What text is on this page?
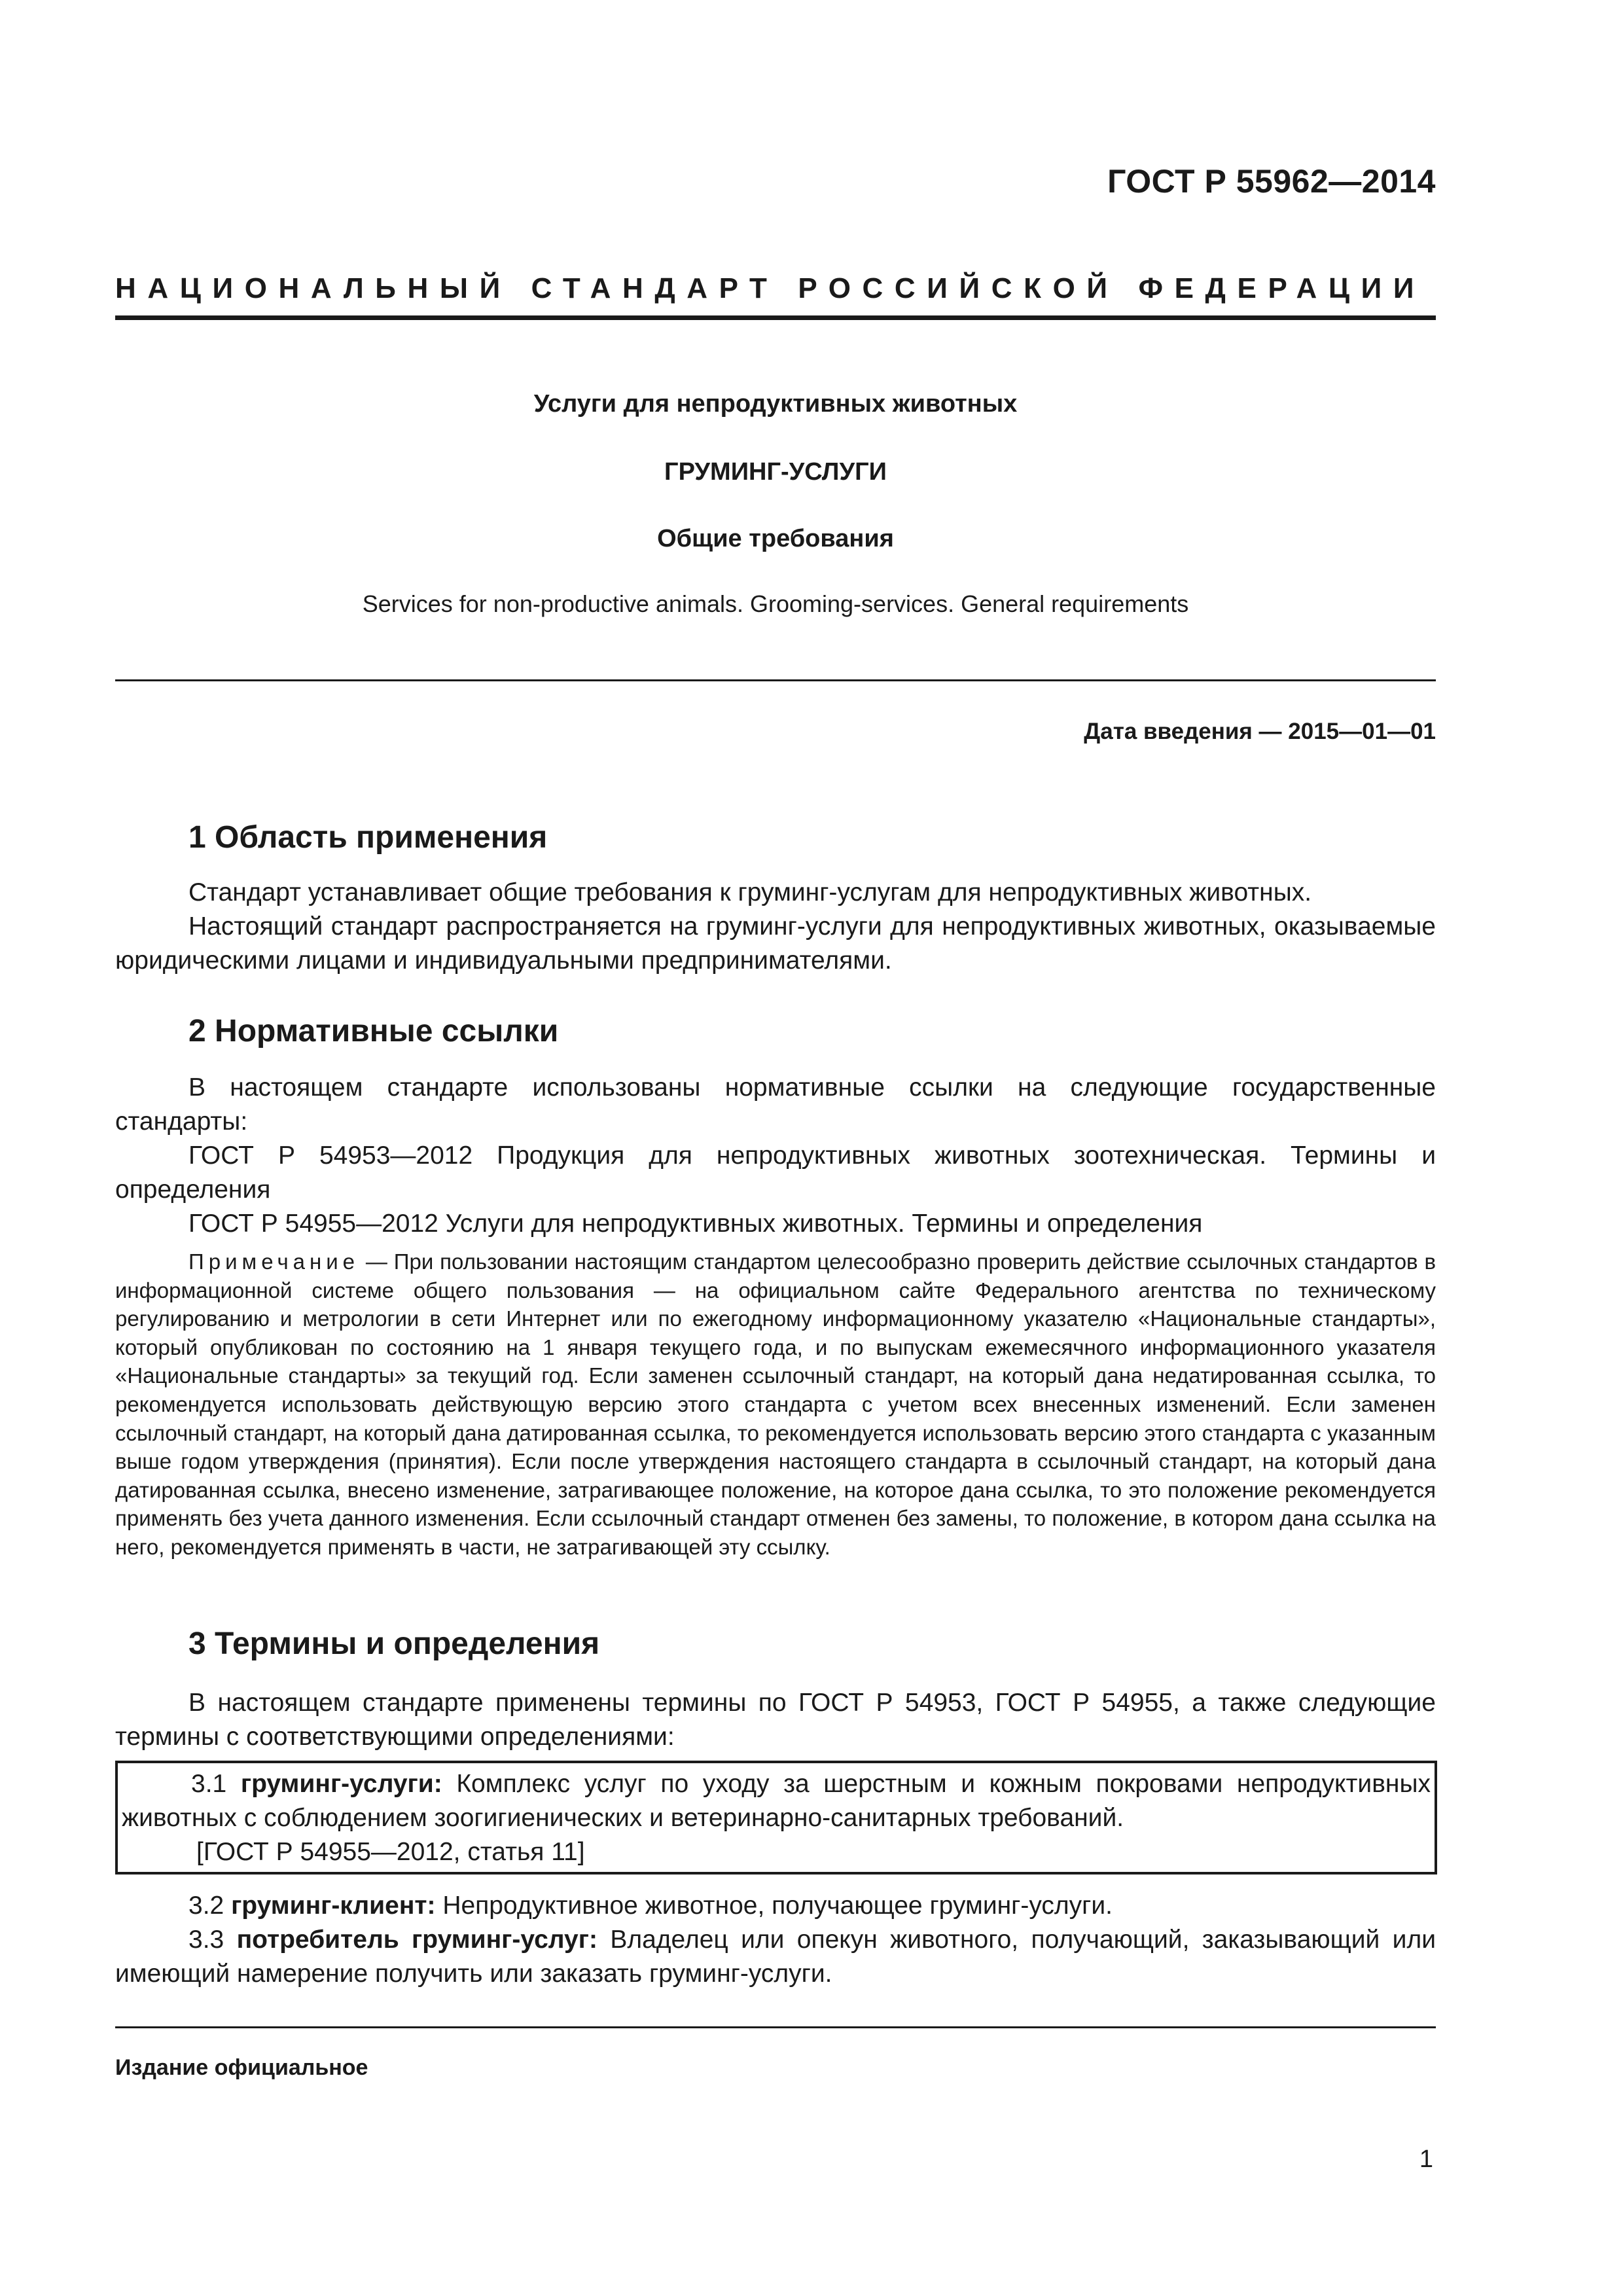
ГОСТ Р 55962—2014
НАЦИОНАЛЬНЫЙ СТАНДАРТ РОССИЙСКОЙ ФЕДЕРАЦИИ
Услуги для непродуктивных животных
ГРУМИНГ-УСЛУГИ
Общие требования
Services for non-productive animals. Grooming-services. General requirements
Дата введения — 2015—01—01
1 Область применения

Стандарт устанавливает общие требования к груминг-услугам для непродуктивных животных.

Настоящий стандарт распространяется на груминг-услуги для непродуктивных животных, оказываемые юридическими лицами и индивидуальными предпринимателями.

2 Нормативные ссылки

В настоящем стандарте использованы нормативные ссылки на следующие государственные стандарты:

ГОСТ Р 54953—2012 Продукция для непродуктивных животных зоотехническая. Термины и определения

ГОСТ Р 54955—2012 Услуги для непродуктивных животных. Термины и определения

Примечание — При пользовании настоящим стандартом целесообразно проверить действие ссылочных стандартов в информационной системе общего пользования — на официальном сайте Федерального агентства по техническому регулированию и метрологии в сети Интернет или по ежегодному информационному указателю «Национальные стандарты», который опубликован по состоянию на 1 января текущего года, и по выпускам ежемесячного информационного указателя «Национальные стандарты» за текущий год. Если заменен ссылочный стандарт, на который дана недатированная ссылка, то рекомендуется использовать действующую версию этого стандарта с учетом всех внесенных изменений. Если заменен ссылочный стандарт, на который дана датированная ссылка, то рекомендуется использовать версию этого стандарта с указанным выше годом утверждения (принятия). Если после утверждения настоящего стандарта в ссылочный стандарт, на который дана датированная ссылка, внесено изменение, затрагивающее положение, на которое дана ссылка, то это положение рекомендуется применять без учета данного изменения. Если ссылочный стандарт отменен без замены, то положение, в котором дана ссылка на него, рекомендуется применять в части, не затрагивающей эту ссылку.

3 Термины и определения

В настоящем стандарте применены термины по ГОСТ Р 54953, ГОСТ Р 54955, а также следующие термины с соответствующими определениями:

3.1 груминг-услуги: Комплекс услуг по уходу за шерстным и кожным покровами непродуктивных животных с соблюдением зоогигиенических и ветеринарно-санитарных требований.

[ГОСТ Р 54955—2012, статья 11]

3.2 груминг-клиент: Непродуктивное животное, получающее груминг-услуги.

3.3 потребитель груминг-услуг: Владелец или опекун животного, получающий, заказывающий или имеющий намерение получить или заказать груминг-услуги.

Издание официальное
1
